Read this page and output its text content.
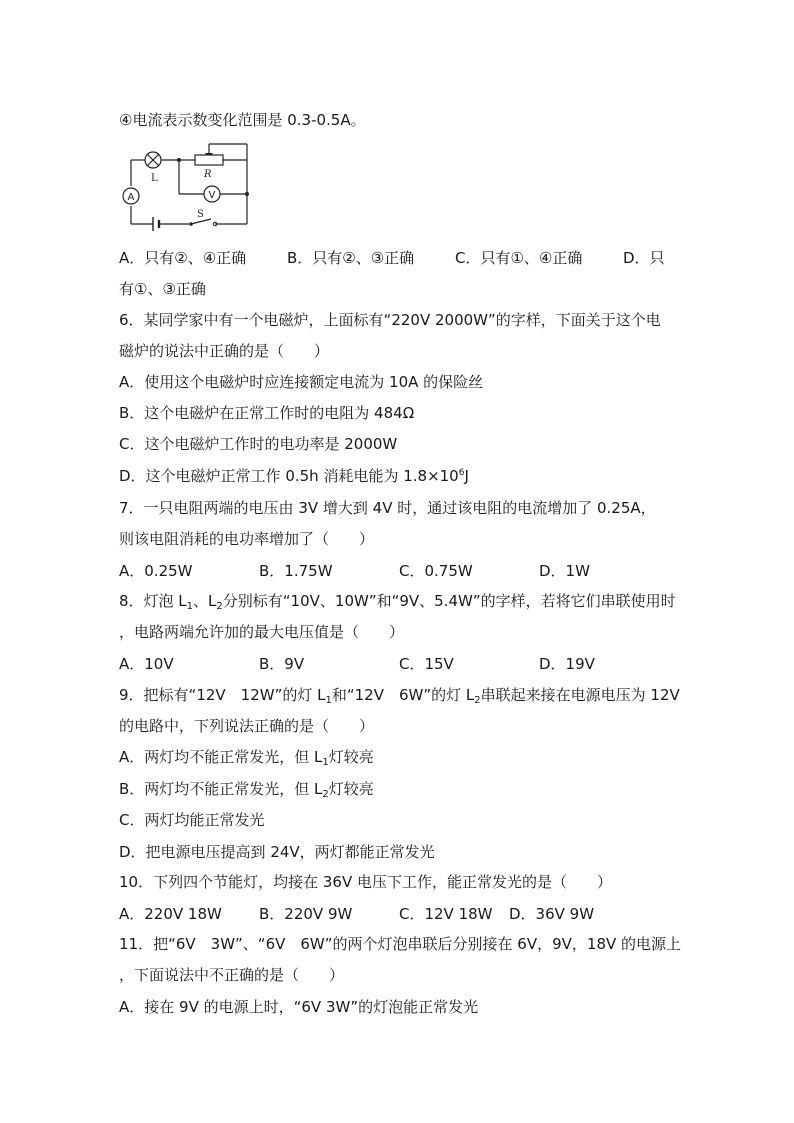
④电流表示数变化范围是 0.3-0.5A。
L	R
V
A
S
A．只有②、④正确	B．只有②、③正确	C．只有①、④正确	D．只
有①、③正确
6．某同学家中有一个电磁炉，上面标有“220V 2000W”的字样，下面关于这个电
磁炉的说法中正确的是（　　）
A．使用这个电磁炉时应连接额定电流为 10A 的保险丝
B．这个电磁炉在正常工作时的电阻为 484Ω
C．这个电磁炉工作时的电功率是 2000W
D．这个电磁炉正常工作 0.5h 消耗电能为 $1.8\times 10^6J$
7．一只电阻两端的电压由 3V 增大到 4V 时，通过该电阻的电流增加了 0.25A，
则该电阻消耗的电功率增加了（　　）
A．0.25W	B．1.75W	C．0.75W	D．1W
8．灯泡 $L_1$、$L_2$分别标有“10V、10W”和“9V、5.4W”的字样，若将它们串联使用时
，电路两端允许加的最大电压值是（　　）
A．10V	B．9V	C．15V	D．19V
9．把标有“12V　12W”的灯 $L_1$和“12V　6W”的灯 $L_2$串联起来接在电源电压为 12V
的电路中，下列说法正确的是（　　）
A．两灯均不能正常发光，但 $L_1$灯较亮
B．两灯均不能正常发光，但 $L_2$灯较亮
C．两灯均能正常发光
D．把电源电压提高到 24V，两灯都能正常发光
10．下列四个节能灯，均接在 36V 电压下工作，能正常发光的是（　　）
A．220V 18W B．220V 9W	C．12V 18W D．36V 9W
11．把“6V　3W”、“6V　6W”的两个灯泡串联后分别接在 6V，9V，18V 的电源上
，下面说法中不正确的是（　　）
A．接在 9V 的电源上时，“6V 3W”的灯泡能正常发光
